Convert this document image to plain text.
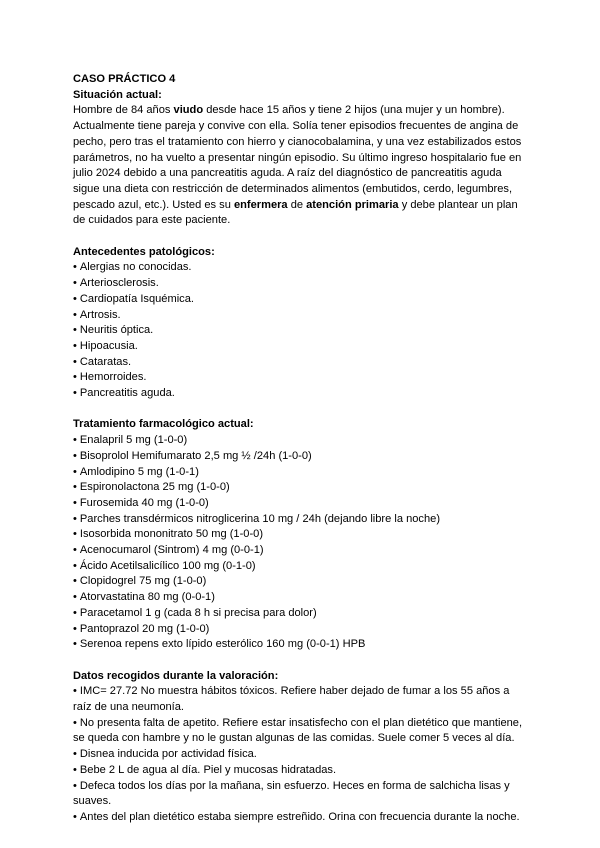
CASO PRÁCTICO 4

Situación actual:

Hombre de 84 años viudo desde hace 15 años y tiene 2 hijos (una mujer y un hombre). Actualmente tiene pareja y convive con ella. Solía tener episodios frecuentes de angina de pecho, pero tras el tratamiento con hierro y cianocobalamina, y una vez estabilizados estos parámetros, no ha vuelto a presentar ningún episodio. Su último ingreso hospitalario fue en julio 2024 debido a una pancreatitis aguda. A raíz del diagnóstico de pancreatitis aguda sigue una dieta con restricción de determinados alimentos (embutidos, cerdo, legumbres, pescado azul, etc.). Usted es su enfermera de atención primaria y debe plantear un plan de cuidados para este paciente.

Antecedentes patológicos:

• Alergias no conocidas.
• Arteriosclerosis.
• Cardiopatía Isquémica.
• Artrosis.
• Neuritis óptica.
• Hipoacusia.
• Cataratas.
• Hemorroides.
• Pancreatitis aguda.

Tratamiento farmacológico actual:

• Enalapril 5 mg (1-0-0)
• Bisoprolol Hemifumarato 2,5 mg ½ /24h (1-0-0)
• Amlodipino 5 mg (1-0-1)
• Espironolactona 25 mg (1-0-0)
• Furosemida 40 mg (1-0-0)
• Parches transdérmicos nitroglicerina 10 mg / 24h (dejando libre la noche)
• Isosorbida mononitrato 50 mg (1-0-0)
• Acenocumarol (Sintrom) 4 mg (0-0-1)
• Ácido Acetilsalicílico 100 mg (0-1-0)
• Clopidogrel 75 mg (1-0-0)
• Atorvastatina 80 mg (0-0-1)
• Paracetamol 1 g (cada 8 h si precisa para dolor)
• Pantoprazol 20 mg (1-0-0)
• Serenoa repens exto lípido esterólico 160 mg (0-0-1) HPB

Datos recogidos durante la valoración:

• IMC= 27.72 No muestra hábitos tóxicos. Refiere haber dejado de fumar a los 55 años a raíz de una neumonía.
• No presenta falta de apetito. Refiere estar insatisfecho con el plan dietético que mantiene, se queda con hambre y no le gustan algunas de las comidas. Suele comer 5 veces al día.
• Disnea inducida por actividad física.
• Bebe 2 L de agua al día. Piel y mucosas hidratadas.
• Defeca todos los días por la mañana, sin esfuerzo. Heces en forma de salchicha lisas y suaves.
• Antes del plan dietético estaba siempre estreñido. Orina con frecuencia durante la noche.
